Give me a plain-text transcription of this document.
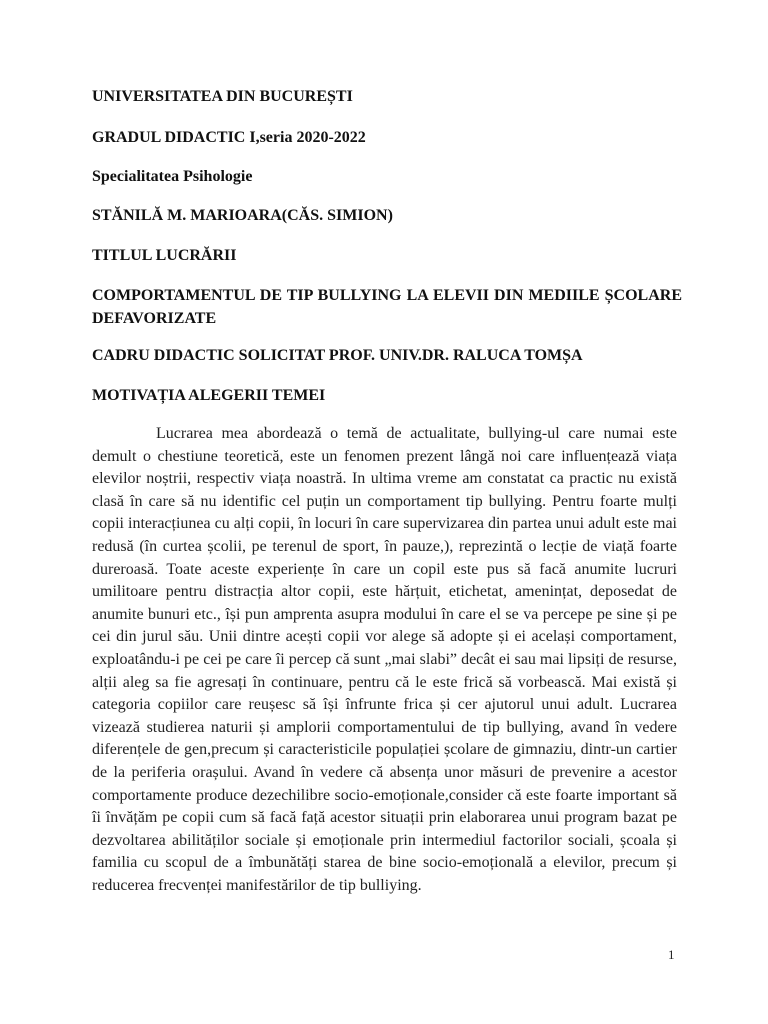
UNIVERSITATEA DIN BUCUREȘTI

GRADUL DIDACTIC I,seria 2020-2022

Specialitatea Psihologie

STĂNILĂ M. MARIOARA(CĂS. SIMION)

TITLUL LUCRĂRII

COMPORTAMENTUL DE TIP BULLYING LA ELEVII DIN MEDIILE ȘCOLARE DEFAVORIZATE

CADRU DIDACTIC SOLICITAT PROF. UNIV.DR. RALUCA TOMȘA

MOTIVAȚIA ALEGERII TEMEI

Lucrarea mea abordează o temă de actualitate, bullying-ul care numai este demult o chestiune teoretică, este un fenomen prezent lângă noi care influențează viața elevilor noștrii, respectiv viața noastră. In ultima vreme am constatat ca practic nu există clasă în care să nu identific cel puțin un comportament tip bullying. Pentru foarte mulți copii interacțiunea cu alți copii, în locuri în care supervizarea din partea unui adult este mai redusă (în curtea școlii, pe terenul de sport, în pauze,), reprezintă o lecție de viață foarte dureroasă. Toate aceste experiențe în care un copil este pus să facă anumite lucruri umilitoare pentru distracția altor copii, este hărțuit, etichetat, amenințat, deposedat de anumite bunuri etc., își pun amprenta asupra modului în care el se va percepe pe sine și pe cei din jurul său. Unii dintre acești copii vor alege să adopte și ei același comportament, exploatându-i pe cei pe care îi percep că sunt „mai slabi” decât ei sau mai lipsiți de resurse, alții aleg sa fie agresați în continuare, pentru că le este frică să vorbească. Mai există și categoria copiilor care reușesc să își înfrunte frica și cer ajutorul unui adult. Lucrarea vizează studierea naturii și amplorii comportamentului de tip bullying, avand în vedere diferențele de gen,precum și caracteristicile populației școlare de gimnaziu, dintr-un cartier de la periferia orașului. Avand în vedere că absența unor măsuri de prevenire a acestor comportamente produce dezechilibre socio-emoționale,consider că este foarte important să îi învățăm pe copii cum să facă față acestor situații prin elaborarea unui program bazat pe dezvoltarea abilităților sociale și emoționale prin intermediul factorilor sociali, școala și familia cu scopul de a îmbunătăți starea de bine socio-emoțională a elevilor, precum și reducerea frecvenței manifestărilor de tip bulliying.

1
